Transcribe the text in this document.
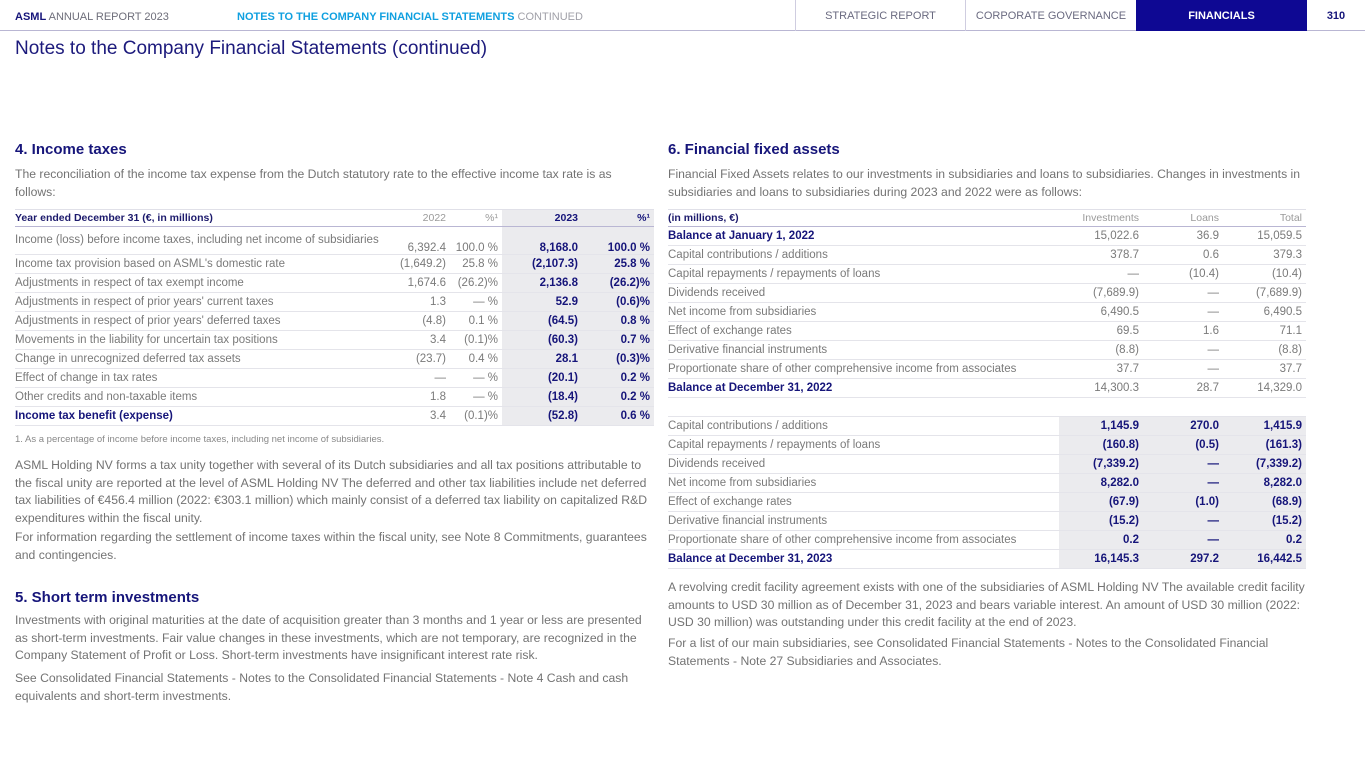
ASML ANNUAL REPORT 2023	NOTES TO THE COMPANY FINANCIAL STATEMENTS CONTINUED	STRATEGIC REPORT	CORPORATE GOVERNANCE	FINANCIALS	310
Notes to the Company Financial Statements (continued)
4. Income taxes

The reconciliation of the income tax expense from the Dutch statutory rate to the effective income tax rate is as follows:

Year ended December 31 (€, in millions)	2022	%¹	2023	%¹
Income (loss) before income taxes, including net income of subsidiaries	6,392.4	100.0 %	8,168.0	100.0 %
Income tax provision based on ASML's domestic rate	(1,649.2)	25.8 %	(2,107.3)	25.8 %
Adjustments in respect of tax exempt income	1,674.6	(26.2)%	2,136.8	(26.2)%
Adjustments in respect of prior years' current taxes	1.3	— %	52.9	(0.6)%
Adjustments in respect of prior years' deferred taxes	(4.8)	0.1 %	(64.5)	0.8 %
Movements in the liability for uncertain tax positions	3.4	(0.1)%	(60.3)	0.7 %
Change in unrecognized deferred tax assets	(23.7)	0.4 %	28.1	(0.3)%
Effect of change in tax rates	—	— %	(20.1)	0.2 %
Other credits and non-taxable items	1.8	— %	(18.4)	0.2 %
Income tax benefit (expense)	3.4	(0.1)%	(52.8)	0.6 %
1. As a percentage of income before income taxes, including net income of subsidiaries.

ASML Holding NV forms a tax unity together with several of its Dutch subsidiaries and all tax positions attributable to the fiscal unity are reported at the level of ASML Holding NV The deferred and other tax liabilities include net deferred tax liabilities of €456.4 million (2022: €303.1 million) which mainly consist of a deferred tax liability on capitalized R&D expenditures within the fiscal unity.

For information regarding the settlement of income taxes within the fiscal unity, see Note 8 Commitments, guarantees and contingencies.

5. Short term investments

Investments with original maturities at the date of acquisition greater than 3 months and 1 year or less are presented as short-term investments. Fair value changes in these investments, which are not temporary, are recognized in the Company Statement of Profit or Loss. Short-term investments have insignificant interest rate risk.

See Consolidated Financial Statements - Notes to the Consolidated Financial Statements - Note 4 Cash and cash equivalents and short-term investments.

6. Financial fixed assets

Financial Fixed Assets relates to our investments in subsidiaries and loans to subsidiaries. Changes in investments in subsidiaries and loans to subsidiaries during 2023 and 2022 were as follows:

(in millions, €)	Investments	Loans	Total
Balance at January 1, 2022	15,022.6	36.9	15,059.5
Capital contributions / additions	378.7	0.6	379.3
Capital repayments / repayments of loans	—	(10.4)	(10.4)
Dividends received	(7,689.9)	—	(7,689.9)
Net income from subsidiaries	6,490.5	—	6,490.5
Effect of exchange rates	69.5	1.6	71.1
Derivative financial instruments	(8.8)	—	(8.8)
Proportionate share of other comprehensive income from associates	37.7	—	37.7
Balance at December 31, 2022	14,300.3	28.7	14,329.0

Capital contributions / additions	1,145.9	270.0	1,415.9
Capital repayments / repayments of loans	(160.8)	(0.5)	(161.3)
Dividends received	(7,339.2)	—	(7,339.2)
Net income from subsidiaries	8,282.0	—	8,282.0
Effect of exchange rates	(67.9)	(1.0)	(68.9)
Derivative financial instruments	(15.2)	—	(15.2)
Proportionate share of other comprehensive income from associates	0.2	—	0.2
Balance at December 31, 2023	16,145.3	297.2	16,442.5

A revolving credit facility agreement exists with one of the subsidiaries of ASML Holding NV The available credit facility amounts to USD 30 million as of December 31, 2023 and bears variable interest. An amount of USD 30 million (2022: USD 30 million) was outstanding under this credit facility at the end of 2023.

For a list of our main subsidiaries, see Consolidated Financial Statements - Notes to the Consolidated Financial Statements - Note 27 Subsidiaries and Associates.
